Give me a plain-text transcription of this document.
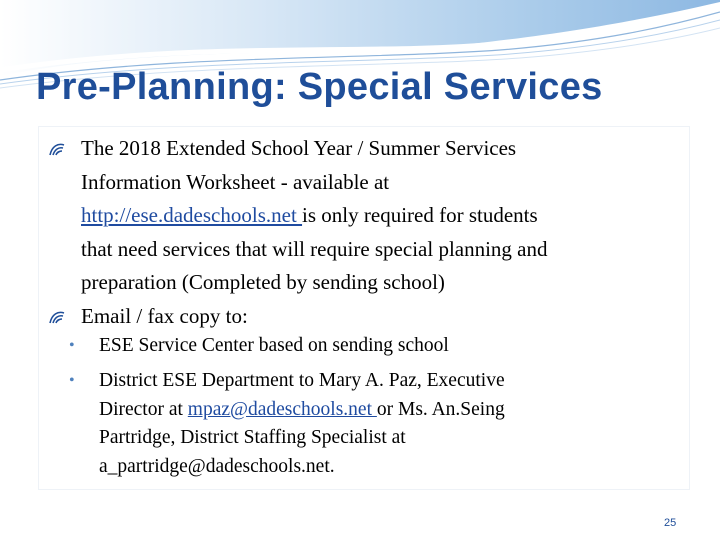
Pre-Planning: Special Services
The 2018 Extended School Year / Summer Services
Information Worksheet - available at
http://ese.dadeschools.net is only required for students
that need services that will require special planning and
preparation (Completed by sending school)
Email / fax copy to:
• ESE Service Center based on sending school
• District ESE Department to Mary A. Paz, Executive
Director at mpaz@dadeschools.net or Ms. An.Seing
Partridge, District Staffing Specialist at
a_partridge@dadeschools.net.
25
